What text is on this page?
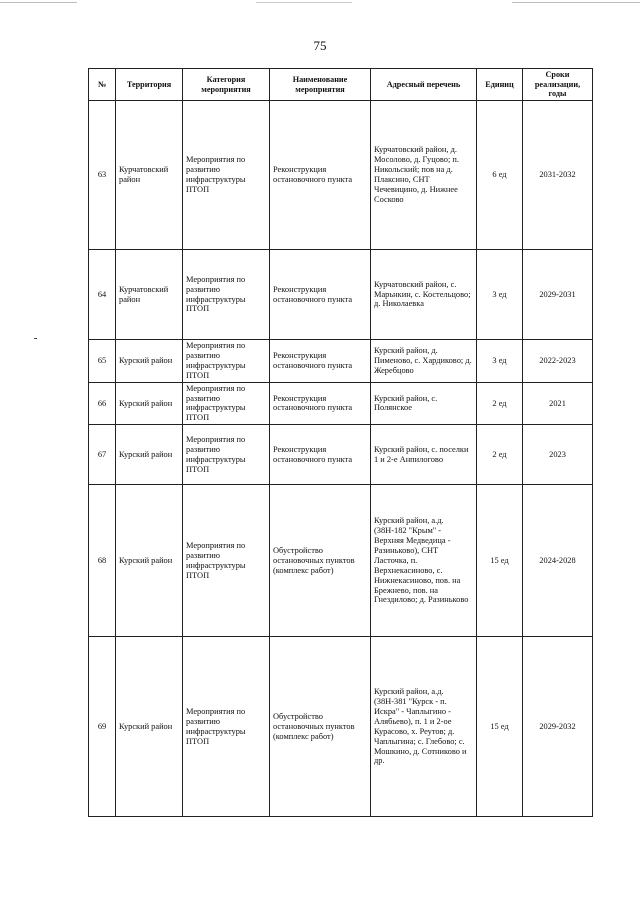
75
№	Территория	Категория мероприятия	Наименование мероприятия	Адресный перечень	Единиц	Сроки реализации, годы
63	Курчатовский район	Мероприятия по развитию инфраструктуры ПТОП	Реконструкция остановочного пункта	Курчатовский район, д. Мосолово, д. Гуцово; п. Никольский; пов на д. Плаксино, СНТ Чечевицино, д. Нижнее Сосково	6 ед	2031-2032
64	Курчатовский район	Мероприятия по развитию инфраструктуры ПТОП	Реконструкция остановочного пункта	Курчатовский район, с. Марьнкин, с. Костельцово; д. Николаевка	3 ед	2029-2031
65	Курский район	Мероприятия по развитию инфраструктуры ПТОП	Реконструкция остановочного пункта	Курский район, д. Пименово, с. Хардиково; д. Жеребцово	3 ед	2022-2023
66	Курский район	Мероприятия по развитию инфраструктуры ПТОП	Реконструкция остановочного пункта	Курский район, с. Полянское	2 ед	2021
67	Курский район	Мероприятия по развитию инфраструктуры ПТОП	Реконструкция остановочного пункта	Курский район, с. поселки 1 и 2-е Анпилогово	2 ед	2023
68	Курский район	Мероприятия по развитию инфраструктуры ПТОП	Обустройство остановочных пунктов (комплекс работ)	Курский район, а.д. (38Н-182 "Крым" - Верхняя Медведица - Разиньково), СНТ Ласточка, п. Верхнекасиново, с. Нижнекасиново, пов. на Брежнево, пов. на Гнездилово; д. Разиньково	15 ед	2024-2028
69	Курский район	Мероприятия по развитию инфраструктуры ПТОП	Обустройство остановочных пунктов (комплекс работ)	Курский район, а.д. (38Н-381 "Курск - п. Искра" - Чаплыгино - Алябьево), п. 1 и 2-ое Курасово, х. Реутов; д. Чаплыгина; с. Глебово; с. Мошкино, д. Сотниково и др.	15 ед	2029-2032
